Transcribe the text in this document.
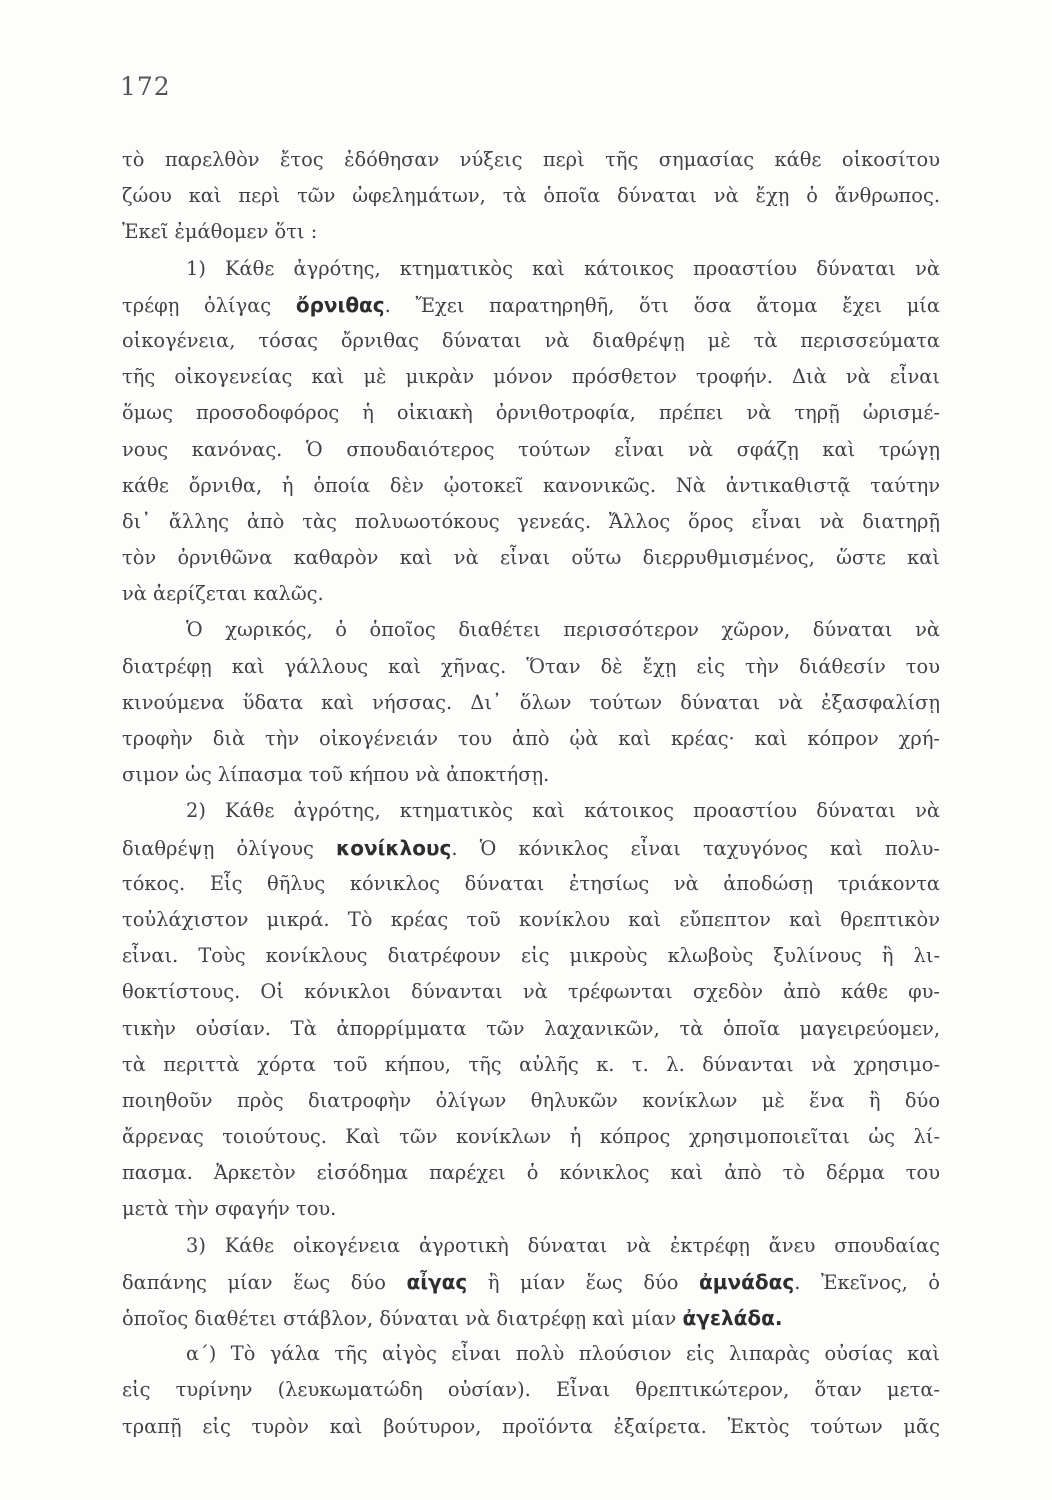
172
τὸ παρελθὸν ἔτος ἐδόθησαν νύξεις περὶ τῆς σημασίας κάθε οἰκοσίτου
ζώου καὶ περὶ τῶν ὠφελημάτων, τὰ ὁποῖα δύναται νὰ ἔχῃ ὁ ἄνθρωπος.
Ἐκεῖ ἐμάθομεν ὅτι :
1) Κάθε ἀγρότης, κτηματικὸς καὶ κάτοικος προαστίου δύναται νὰ
τρέφῃ ὀλίγας ὄρνιθας. Ἔχει παρατηρηθῆ, ὅτι ὅσα ἄτομα ἔχει μία
οἰκογένεια, τόσας ὄρνιθας δύναται νὰ διαθρέψῃ μὲ τὰ περισσεύματα
τῆς οἰκογενείας καὶ μὲ μικρὰν μόνον πρόσθετον τροφήν. Διὰ νὰ εἶναι
ὅμως προσοδοφόρος ἡ οἰκιακὴ ὀρνιθοτροφία, πρέπει νὰ τηρῇ ὡρισμέ-
νους κανόνας. Ὁ σπουδαιότερος τούτων εἶναι νὰ σφάζῃ καὶ τρώγῃ
κάθε ὄρνιθα, ἡ ὁποία δὲν ᾠοτοκεῖ κανονικῶς. Νὰ ἀντικαθιστᾷ ταύτην
δι᾿ ἄλλης ἀπὸ τὰς πολυωοτόκους γενεάς. Ἄλλος ὅρος εἶναι νὰ διατηρῇ
τὸν ὀρνιθῶνα καθαρὸν καὶ νὰ εἶναι οὕτω διερρυθμισμένος, ὥστε καὶ
νὰ ἀερίζεται καλῶς.
Ὁ χωρικός, ὁ ὁποῖος διαθέτει περισσότερον χῶρον, δύναται νὰ
διατρέφῃ καὶ γάλλους καὶ χῆνας. Ὅταν δὲ ἔχῃ εἰς τὴν διάθεσίν του
κινούμενα ὕδατα καὶ νήσσας. Δι᾿ ὅλων τούτων δύναται νὰ ἐξασφαλίσῃ
τροφὴν διὰ τὴν οἰκογένειάν του ἀπὸ ᾠὰ καὶ κρέας· καὶ κόπρον χρή-
σιμον ὡς λίπασμα τοῦ κήπου νὰ ἀποκτήσῃ.
2) Κάθε ἀγρότης, κτηματικὸς καὶ κάτοικος προαστίου δύναται νὰ
διαθρέψῃ ὀλίγους κονίκλους. Ὁ κόνικλος εἶναι ταχυγόνος καὶ πολυ-
τόκος. Εἷς θῆλυς κόνικλος δύναται ἐτησίως νὰ ἀποδώσῃ τριάκοντα
τοὐλάχιστον μικρά. Τὸ κρέας τοῦ κονίκλου καὶ εὔπεπτον καὶ θρεπτικὸν
εἶναι. Τοὺς κονίκλους διατρέφουν εἰς μικροὺς κλωβοὺς ξυλίνους ἢ λι-
θοκτίστους. Οἱ κόνικλοι δύνανται νὰ τρέφωνται σχεδὸν ἀπὸ κάθε φυ-
τικὴν οὐσίαν. Τὰ ἀπορρίμματα τῶν λαχανικῶν, τὰ ὁποῖα μαγειρεύομεν,
τὰ περιττὰ χόρτα τοῦ κήπου, τῆς αὐλῆς κ. τ. λ. δύνανται νὰ χρησιμο-
ποιηθοῦν πρὸς διατροφὴν ὀλίγων θηλυκῶν κονίκλων μὲ ἕνα ἢ δύο
ἄρρενας τοιούτους. Καὶ τῶν κονίκλων ἡ κόπρος χρησιμοποιεῖται ὡς λί-
πασμα. Ἀρκετὸν εἰσόδημα παρέχει ὁ κόνικλος καὶ ἀπὸ τὸ δέρμα του
μετὰ τὴν σφαγήν του.
3) Κάθε οἰκογένεια ἀγροτικὴ δύναται νὰ ἐκτρέφῃ ἄνευ σπουδαίας
δαπάνης μίαν ἕως δύο αἶγας ἢ μίαν ἕως δύο ἀμνάδας. Ἐκεῖνος, ὁ
ὁποῖος διαθέτει στάβλον, δύναται νὰ διατρέφῃ καὶ μίαν ἀγελάδα.
α΄) Τὸ γάλα τῆς αἰγὸς εἶναι πολὺ πλούσιον εἰς λιπαρὰς οὐσίας καὶ
εἰς τυρίνην (λευκωματώδη οὐσίαν). Εἶναι θρεπτικώτερον, ὅταν μετα-
τραπῇ εἰς τυρὸν καὶ βούτυρον, προϊόντα ἐξαίρετα. Ἐκτὸς τούτων μᾶς
